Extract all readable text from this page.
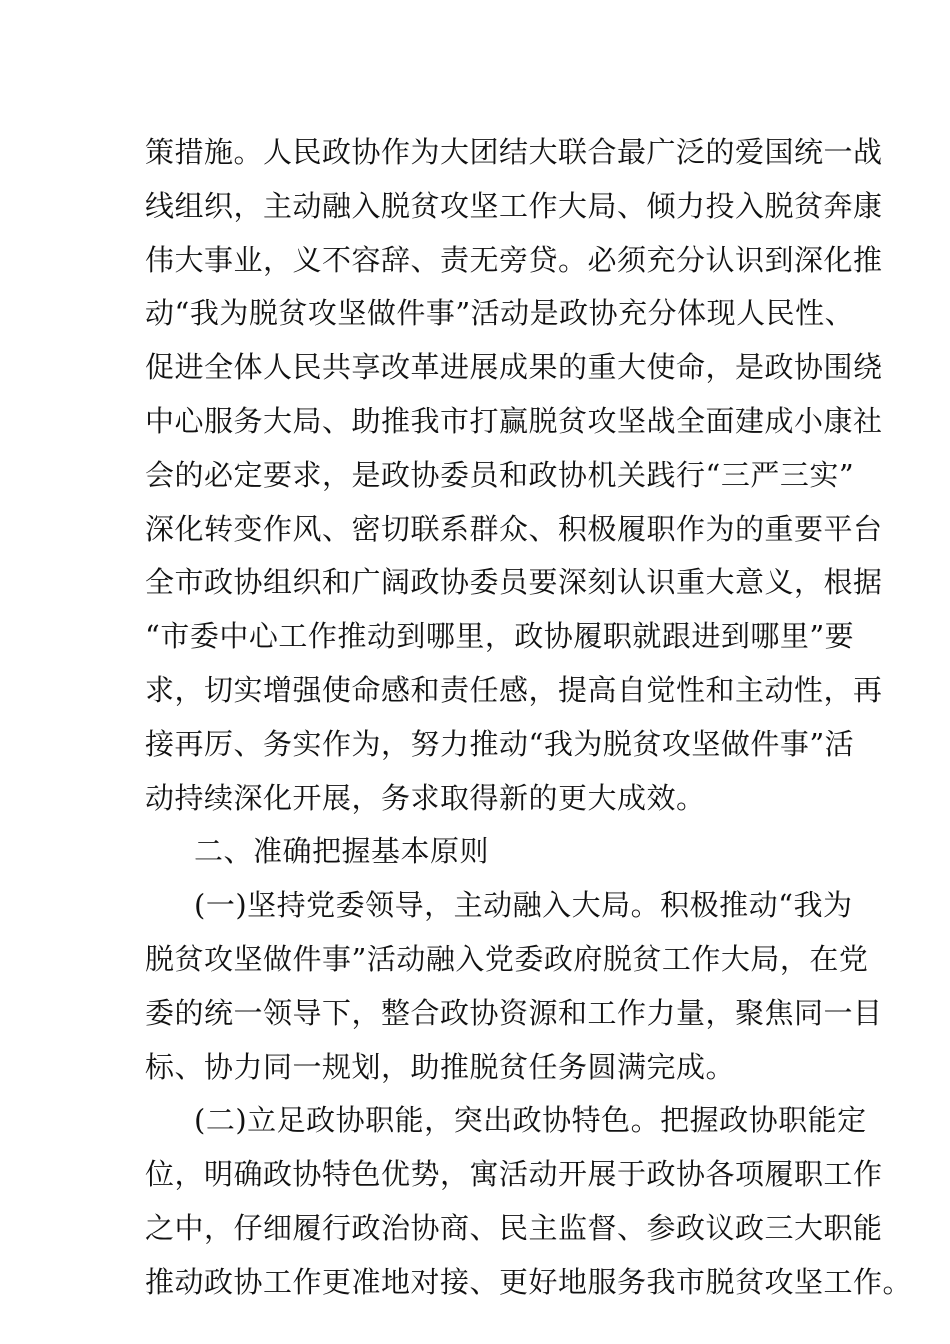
策措施。人民政协作为大团结大联合最广泛的爱国统一战
线组织，主动融入脱贫攻坚工作大局、倾力投入脱贫奔康
伟大事业，义不容辞、责无旁贷。必须充分认识到深化推
动“我为脱贫攻坚做件事”活动是政协充分体现人民性、
促进全体人民共享改革进展成果的重大使命，是政协围绕
中心服务大局、助推我市打赢脱贫攻坚战全面建成小康社
会的必定要求，是政协委员和政协机关践行“三严三实”
深化转变作风、密切联系群众、积极履职作为的重要平台
全市政协组织和广阔政协委员要深刻认识重大意义，根据
“市委中心工作推动到哪里，政协履职就跟进到哪里”要
求，切实增强使命感和责任感，提高自觉性和主动性，再
接再厉、务实作为，努力推动“我为脱贫攻坚做件事”活
动持续深化开展，务求取得新的更大成效。
二、准确把握基本原则
(一)坚持党委领导，主动融入大局。积极推动“我为
脱贫攻坚做件事”活动融入党委政府脱贫工作大局，在党
委的统一领导下，整合政协资源和工作力量，聚焦同一目
标、协力同一规划，助推脱贫任务圆满完成。
(二)立足政协职能，突出政协特色。把握政协职能定
位，明确政协特色优势，寓活动开展于政协各项履职工作
之中，仔细履行政治协商、民主监督、参政议政三大职能
推动政协工作更准地对接、更好地服务我市脱贫攻坚工作。
